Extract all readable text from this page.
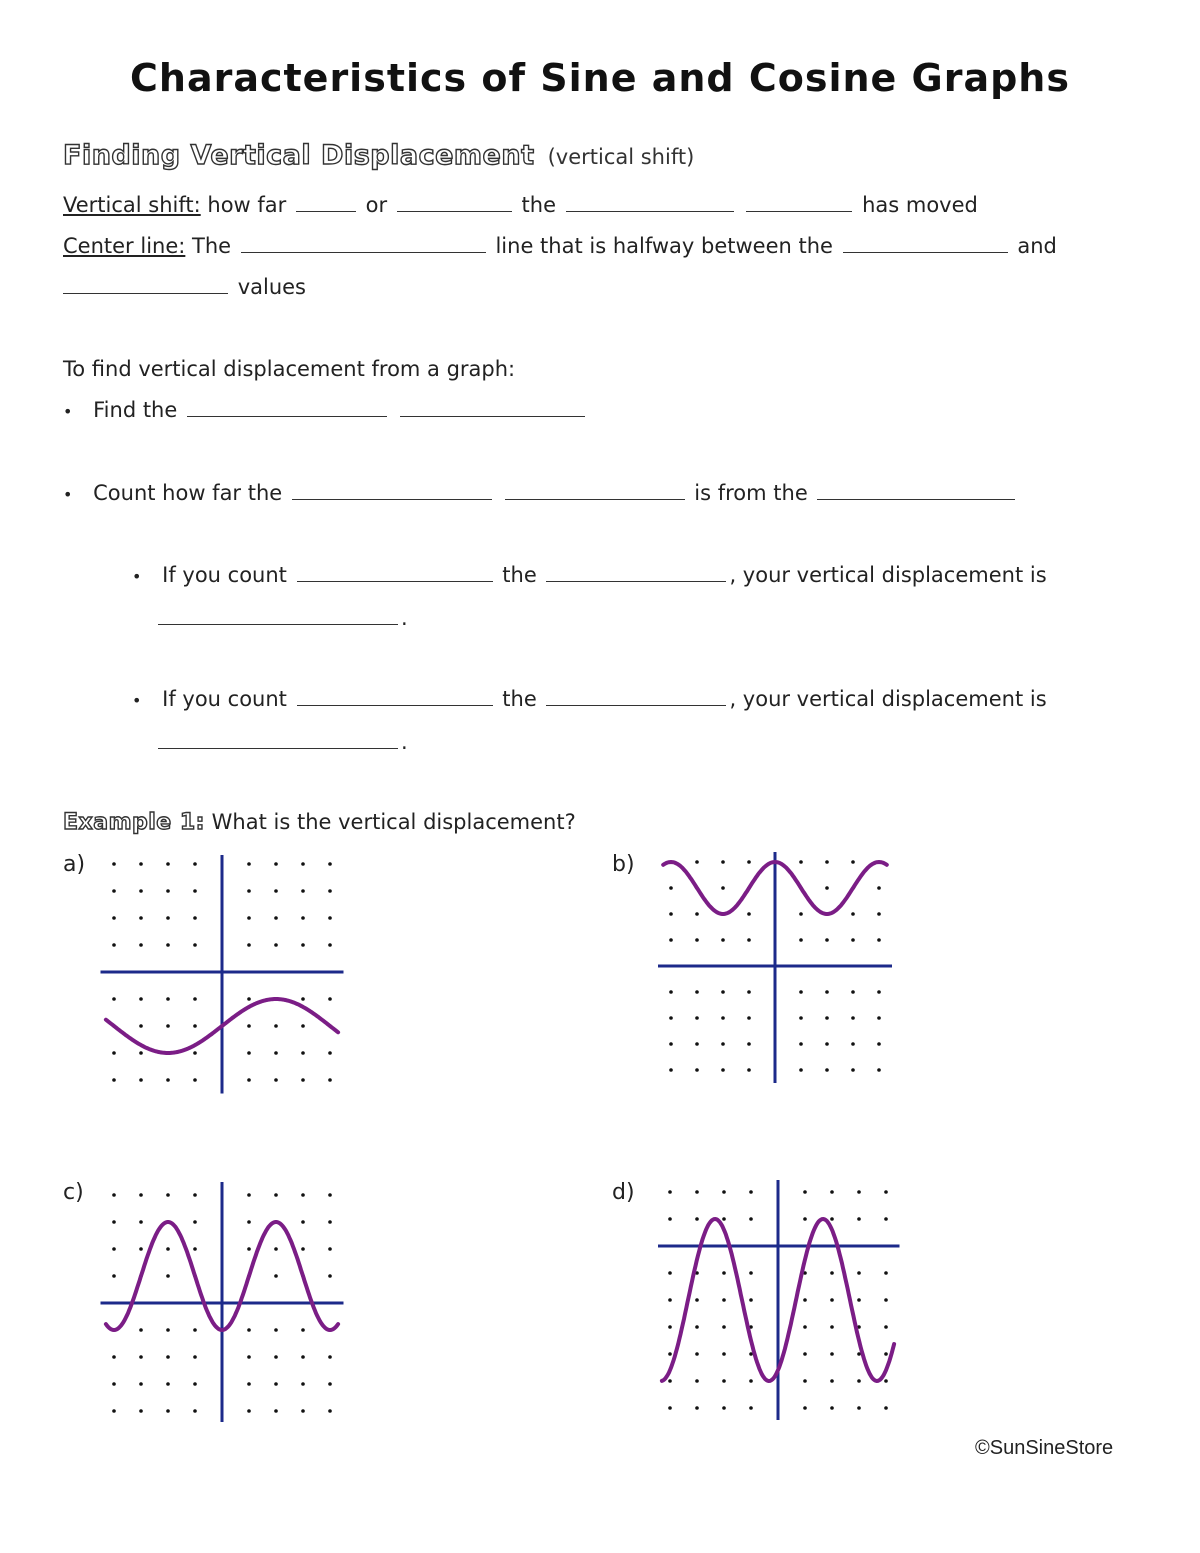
Characteristics of Sine and Cosine Graphs
Finding Vertical Displacement (vertical shift)
Vertical shift: how far	or	the	has moved
Center line: The	line that is halfway between the	and
values
To find vertical displacement from a graph:
• Find the
• Count how far the	is from the
• If you count	the	, your vertical displacement is
.
• If you count	the	, your vertical displacement is
.
Example 1: What is the vertical displacement?
a)	b)
c)	d)
©SunSineStore
